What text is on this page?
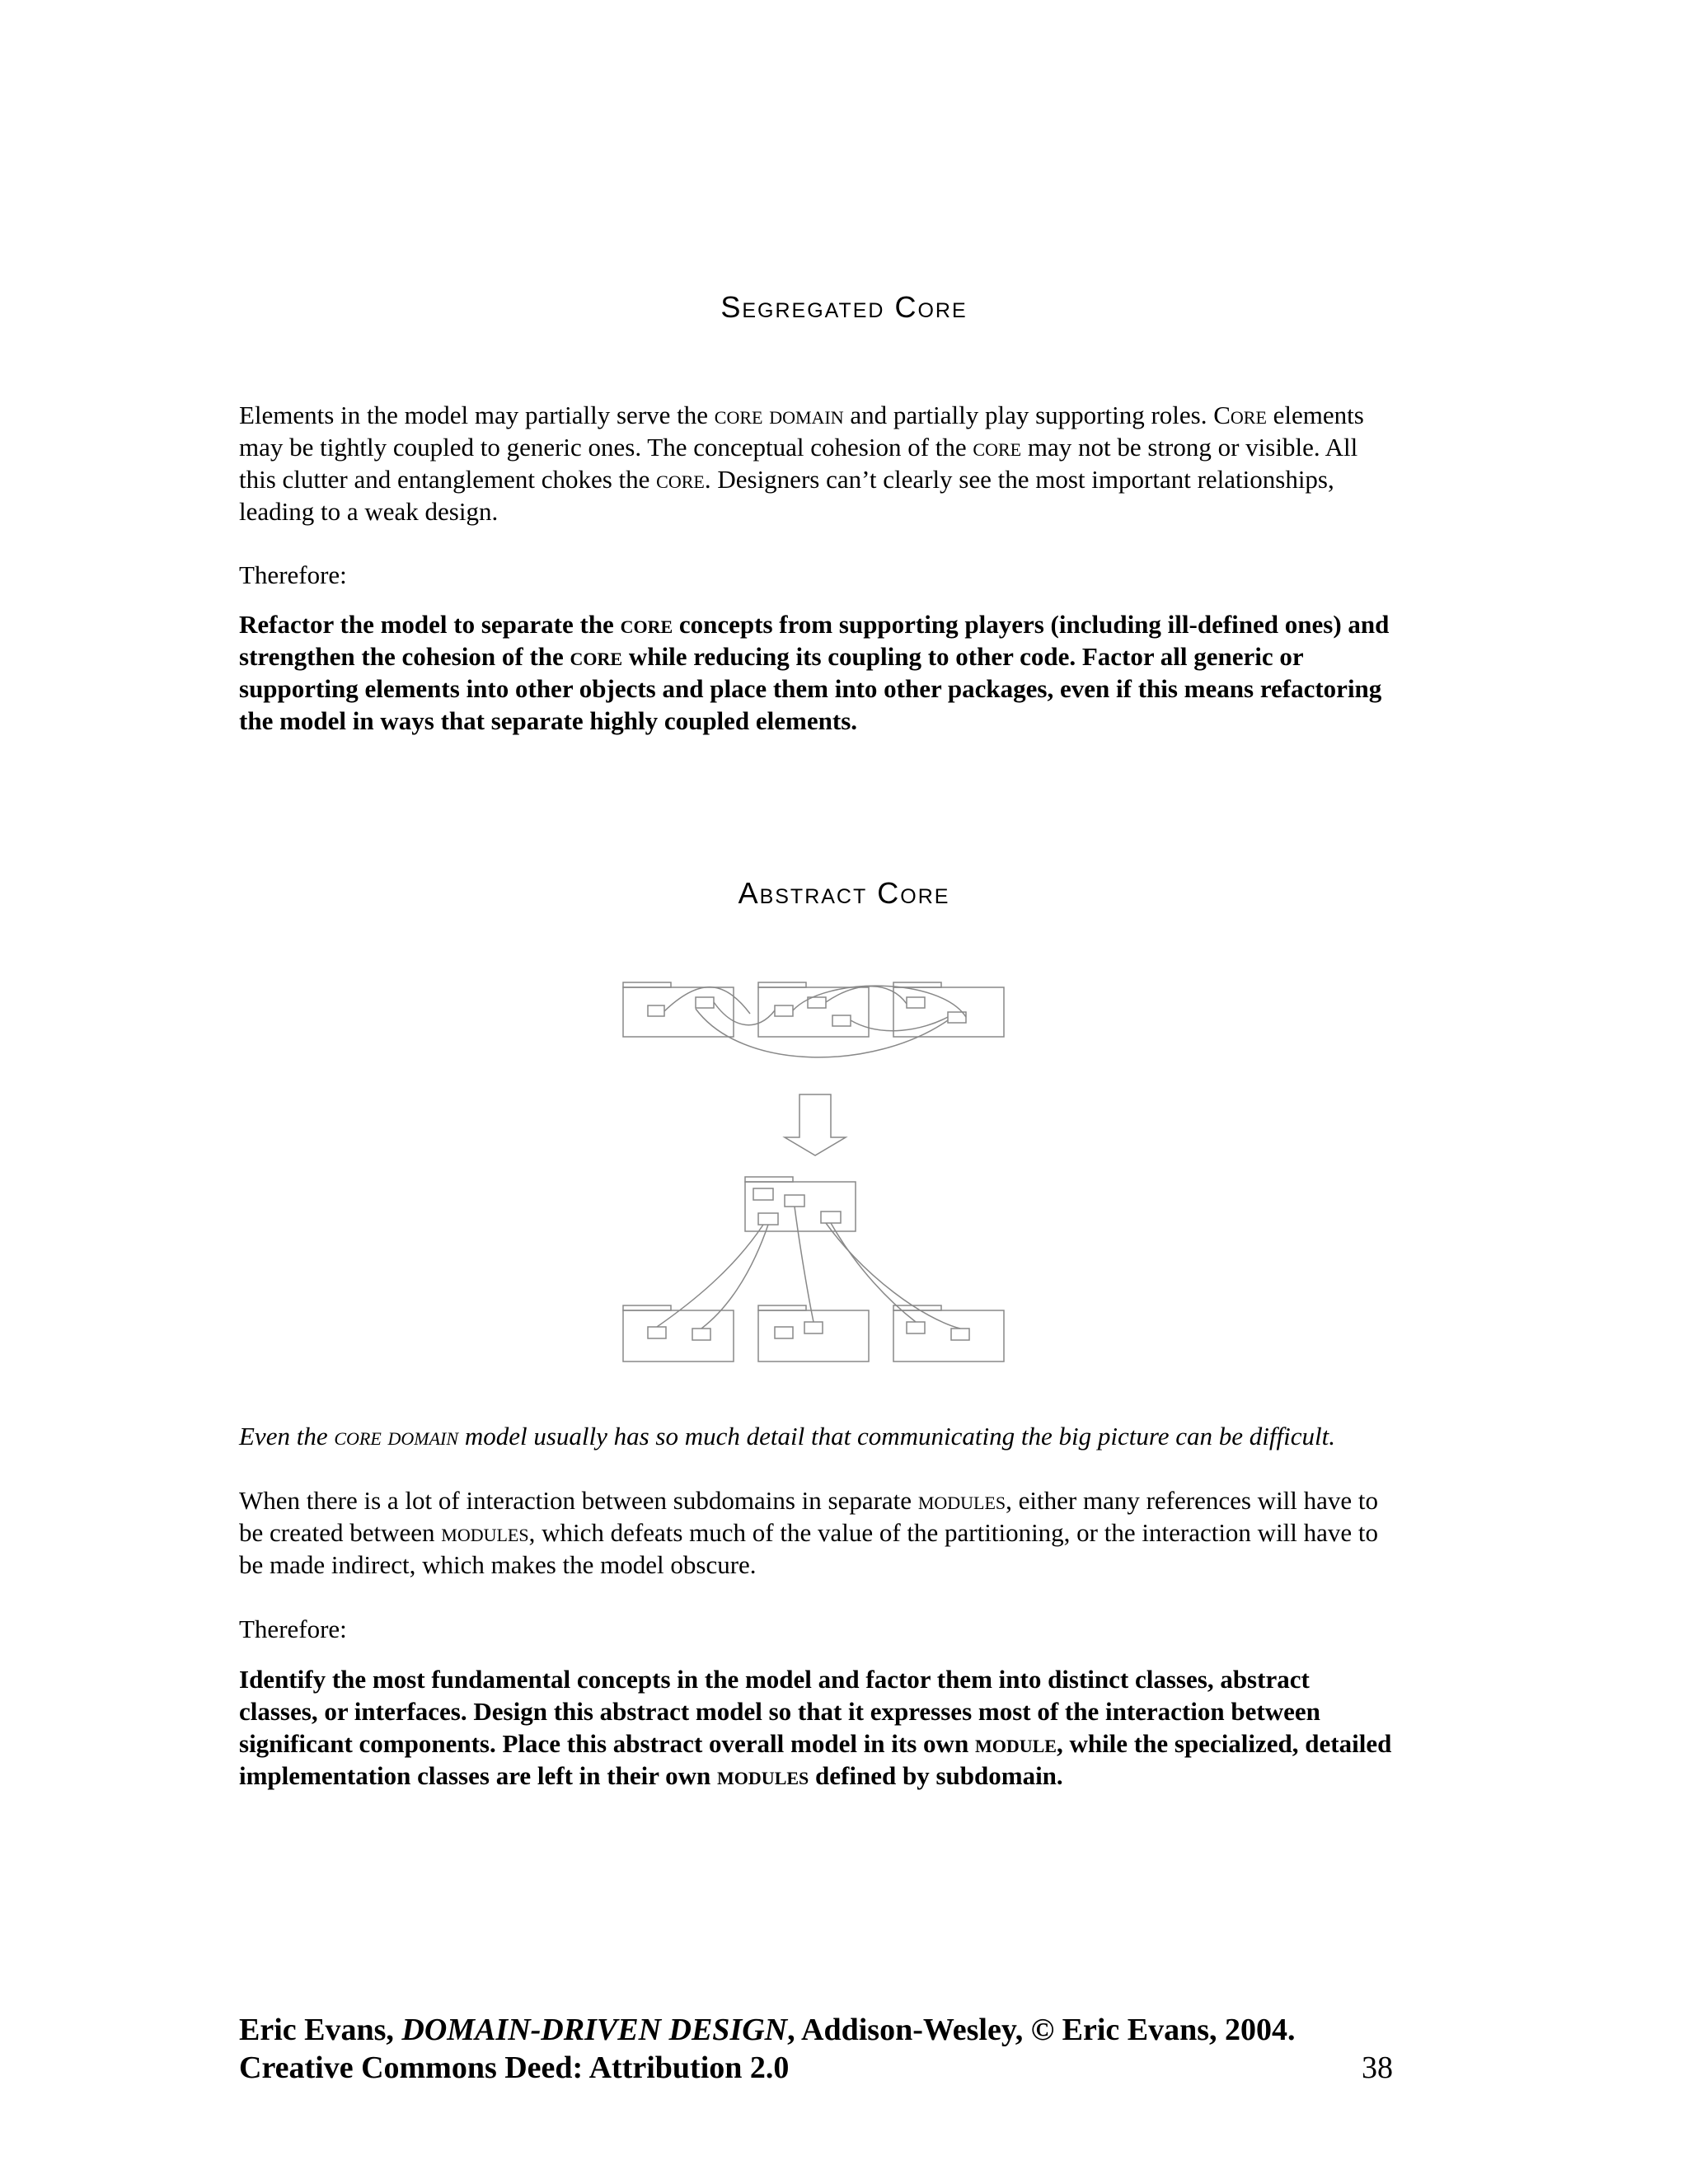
Segregated Core

Elements in the model may partially serve the core domain and partially play supporting roles. Core elements may be tightly coupled to generic ones. The conceptual cohesion of the core may not be strong or visible. All this clutter and entanglement chokes the core. Designers can’t clearly see the most important relationships, leading to a weak design.

Therefore:

Refactor the model to separate the core concepts from supporting players (including ill-defined ones) and strengthen the cohesion of the core while reducing its coupling to other code. Factor all generic or supporting elements into other objects and place them into other packages, even if this means refactoring the model in ways that separate highly coupled elements.

Abstract Core

Even the core domain model usually has so much detail that communicating the big picture can be difficult.

When there is a lot of interaction between subdomains in separate modules, either many references will have to be created between modules, which defeats much of the value of the partitioning, or the interaction will have to be made indirect, which makes the model obscure.

Therefore:

Identify the most fundamental concepts in the model and factor them into distinct classes, abstract classes, or interfaces. Design this abstract model so that it expresses most of the interaction between significant components. Place this abstract overall model in its own module, while the specialized, detailed implementation classes are left in their own modules defined by subdomain.

Eric Evans, DOMAIN-DRIVEN DESIGN, Addison-Wesley, © Eric Evans, 2004.
Creative Commons Deed: Attribution 2.0	38
